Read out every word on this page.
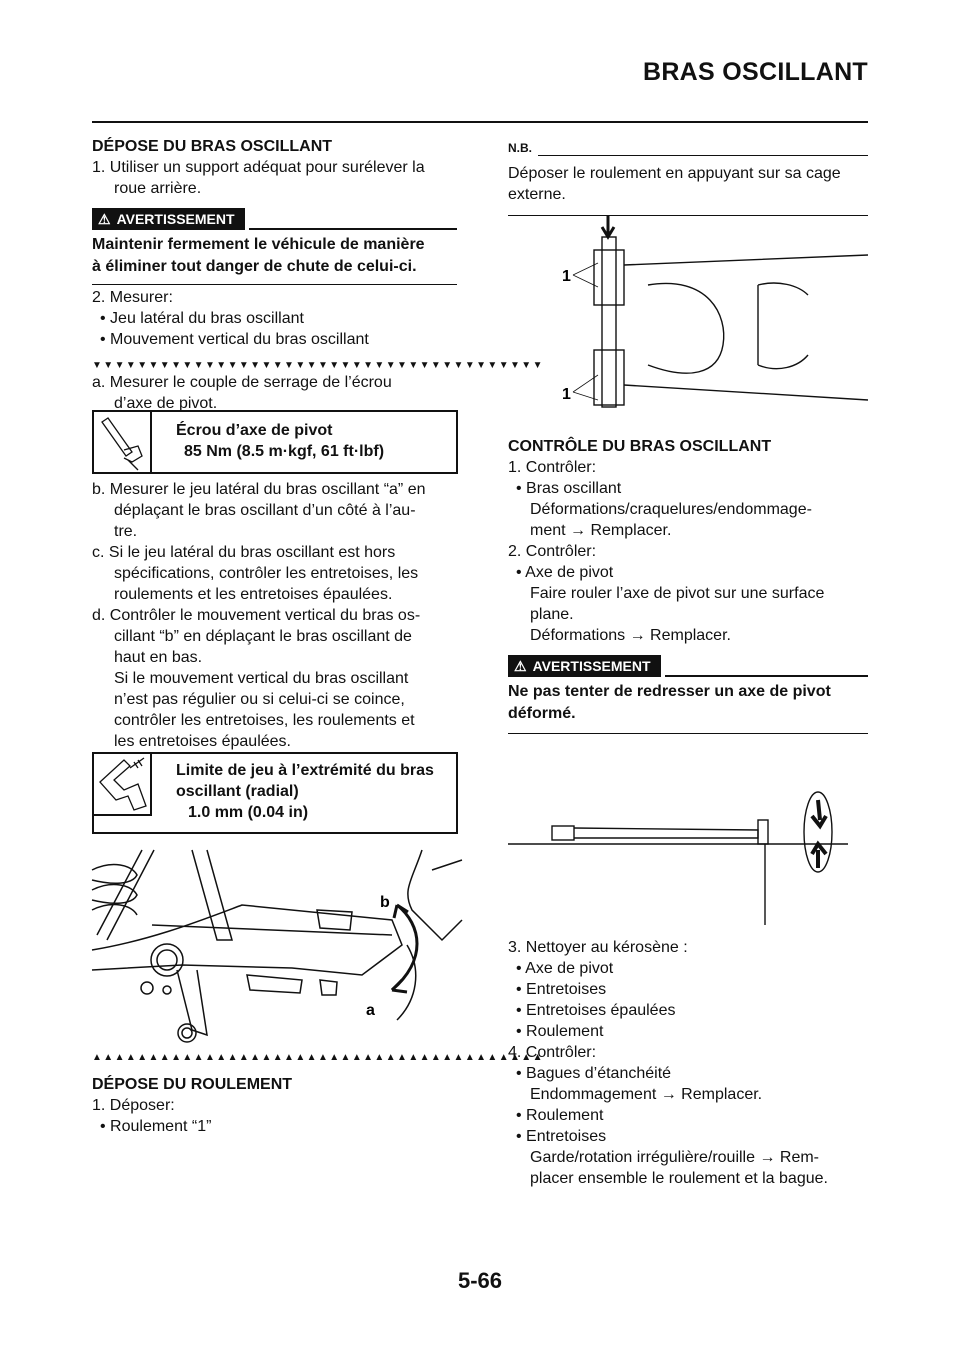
BRAS OSCILLANT
DÉPOSE DU BRAS OSCILLANT
1. Utiliser un support adéquat pour surélever la
roue arrière.
⚠ AVERTISSEMENT
Maintenir fermement le véhicule de manière
à éliminer tout danger de chute de celui-ci.
2. Mesurer:
• Jeu latéral du bras oscillant
• Mouvement vertical du bras oscillant
▼▼▼▼▼▼▼▼▼▼▼▼▼▼▼▼▼▼▼▼▼▼▼▼▼▼▼▼▼▼▼▼▼▼▼▼▼▼▼▼
a. Mesurer le couple de serrage de l’écrou
d’axe de pivot.
Écrou d’axe de pivot
85 Nm (8.5 m·kgf, 61 ft·lbf)
b. Mesurer le jeu latéral du bras oscillant “a” en
déplaçant le bras oscillant d’un côté à l’au-
tre.
c. Si le jeu latéral du bras oscillant est hors
spécifications, contrôler les entretoises, les
roulements et les entretoises épaulées.
d. Contrôler le mouvement vertical du bras os-
cillant “b” en déplaçant le bras oscillant de
haut en bas.
Si le mouvement vertical du bras oscillant
n’est pas régulier ou si celui-ci se coince,
contrôler les entretoises, les roulements et
les entretoises épaulées.
Limite de jeu à l’extrémité du bras
oscillant (radial)
1.0 mm (0.04 in)
b
a
▲▲▲▲▲▲▲▲▲▲▲▲▲▲▲▲▲▲▲▲▲▲▲▲▲▲▲▲▲▲▲▲▲▲▲▲▲▲▲▲
DÉPOSE DU ROULEMENT
1. Déposer:
• Roulement “1”
N.B.
Déposer le roulement en appuyant sur sa cage
externe.
1
1
CONTRÔLE DU BRAS OSCILLANT
1. Contrôler:
• Bras oscillant
Déformations/craquelures/endommage-
ment → Remplacer.
2. Contrôler:
• Axe de pivot
Faire rouler l’axe de pivot sur une surface
plane.
Déformations → Remplacer.
⚠ AVERTISSEMENT
Ne pas tenter de redresser un axe de pivot
déformé.
3. Nettoyer au kérosène :
• Axe de pivot
• Entretoises
• Entretoises épaulées
• Roulement
4. Contrôler:
• Bagues d’étanchéité
Endommagement → Remplacer.
• Roulement
• Entretoises
Garde/rotation irrégulière/rouille → Rem-
placer ensemble le roulement et la bague.
5-66
